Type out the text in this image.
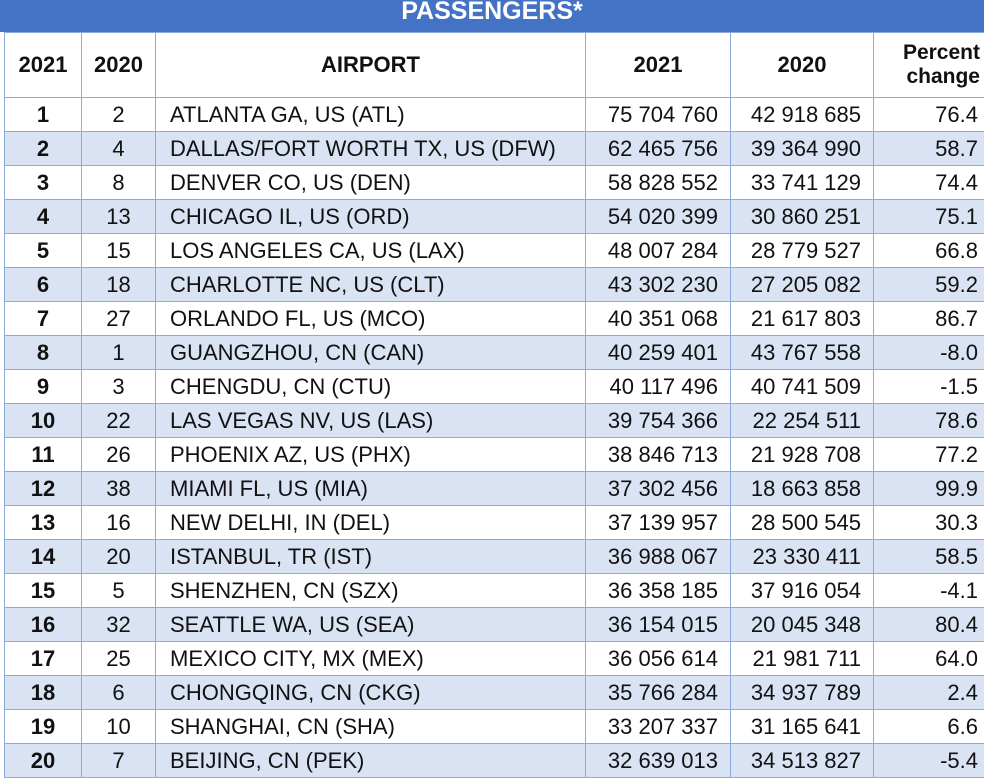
PASSENGERS*
2021	2020	AIRPORT	2021	2020	Percent
change

1	2	ATLANTA GA, US (ATL)	75 704 760	42 918 685	76.4
2	4	DALLAS/FORT WORTH TX, US (DFW)	62 465 756	39 364 990	58.7
3	8	DENVER CO, US (DEN)	58 828 552	33 741 129	74.4
4	13	CHICAGO IL, US (ORD)	54 020 399	30 860 251	75.1
5	15	LOS ANGELES CA, US (LAX)	48 007 284	28 779 527	66.8
6	18	CHARLOTTE NC, US (CLT)	43 302 230	27 205 082	59.2
7	27	ORLANDO FL, US (MCO)	40 351 068	21 617 803	86.7
8	1	GUANGZHOU, CN (CAN)	40 259 401	43 767 558	-8.0
9	3	CHENGDU, CN (CTU)	40 117 496	40 741 509	-1.5
10	22	LAS VEGAS NV, US (LAS)	39 754 366	22 254 511	78.6
11	26	PHOENIX AZ, US (PHX)	38 846 713	21 928 708	77.2
12	38	MIAMI FL, US (MIA)	37 302 456	18 663 858	99.9
13	16	NEW DELHI, IN (DEL)	37 139 957	28 500 545	30.3
14	20	ISTANBUL, TR (IST)	36 988 067	23 330 411	58.5
15	5	SHENZHEN, CN (SZX)	36 358 185	37 916 054	-4.1
16	32	SEATTLE WA, US (SEA)	36 154 015	20 045 348	80.4
17	25	MEXICO CITY, MX (MEX)	36 056 614	21 981 711	64.0
18	6	CHONGQING, CN (CKG)	35 766 284	34 937 789	2.4
19	10	SHANGHAI, CN (SHA)	33 207 337	31 165 641	6.6
20	7	BEIJING, CN (PEK)	32 639 013	34 513 827	-5.4
